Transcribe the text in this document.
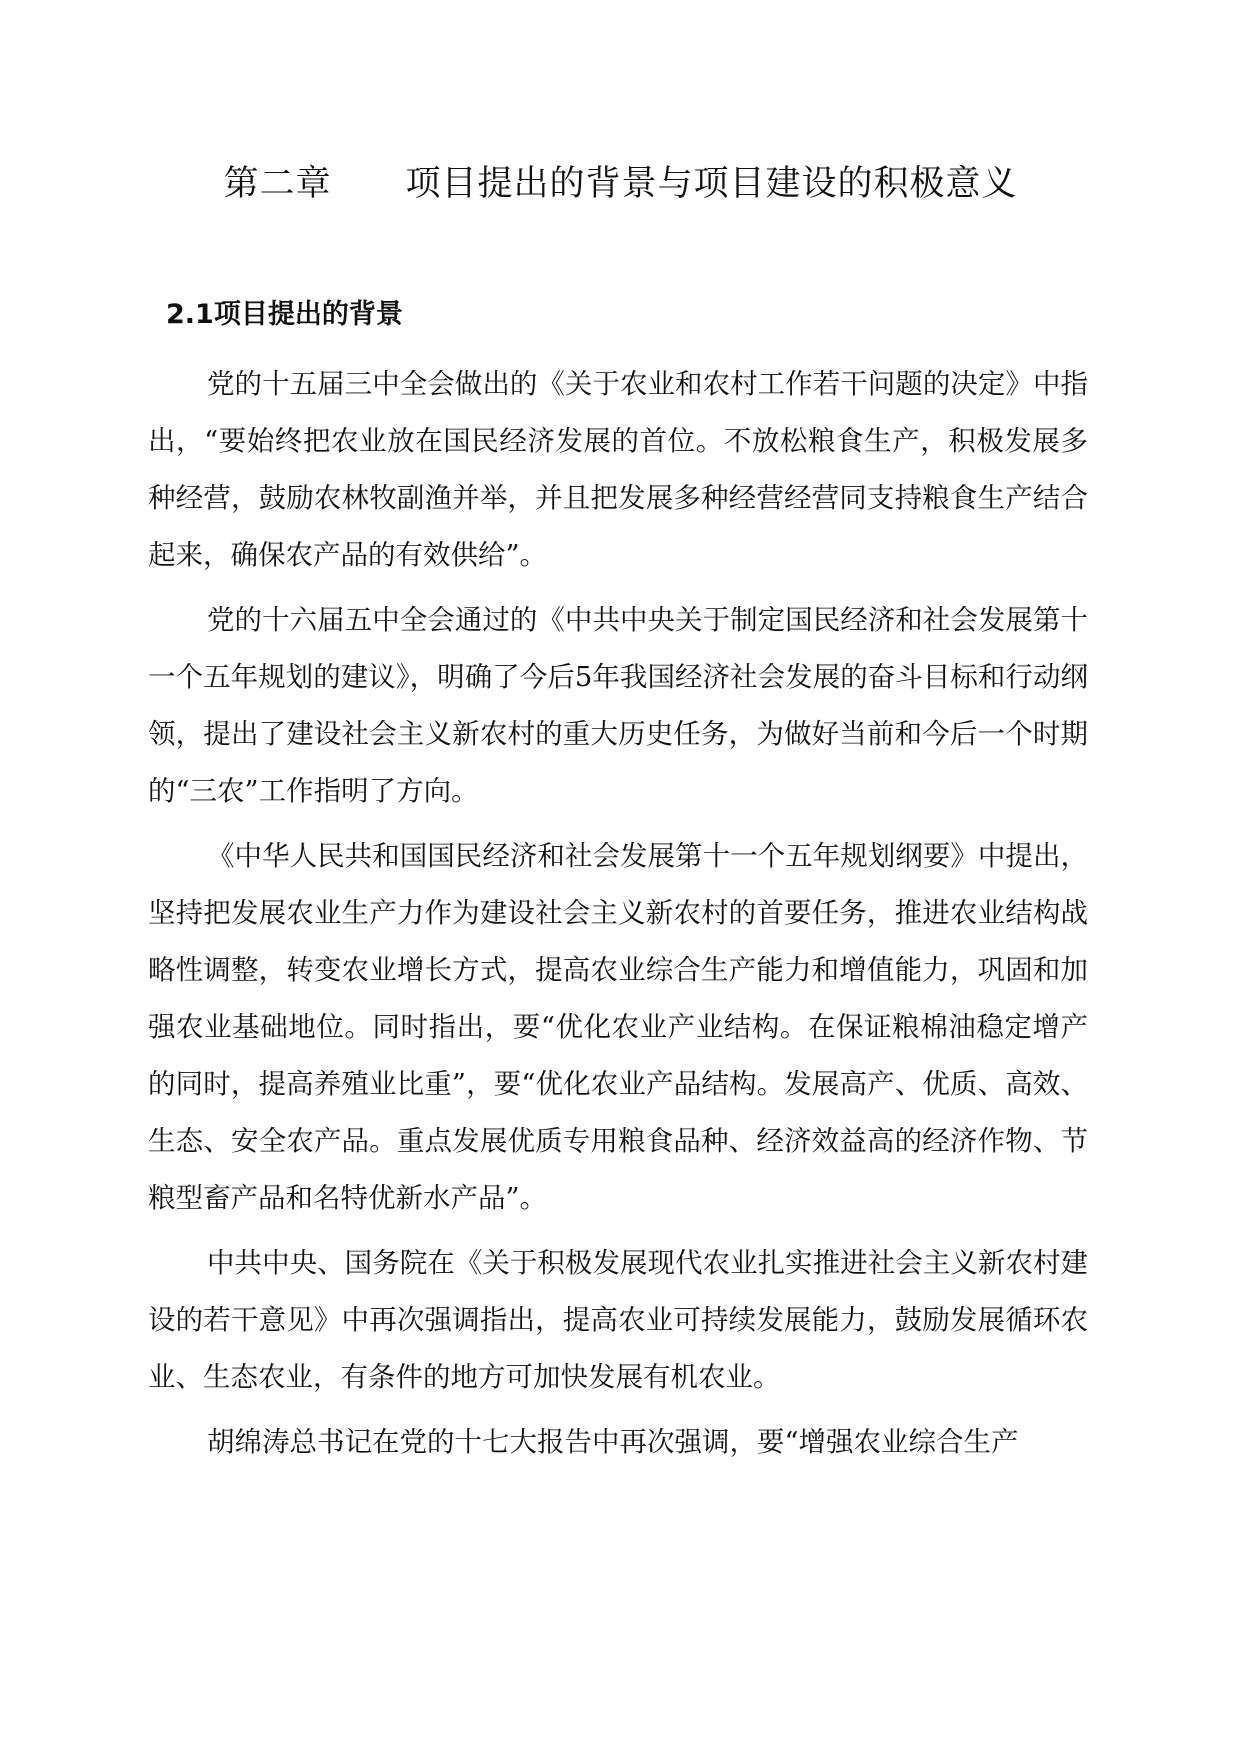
第二章 项目提出的背景与项目建设的积极意义
2.1项目提出的背景

党的十五届三中全会做出的《关于农业和农村工作若干问题的决定》中指出，“要始终把农业放在国民经济发展的首位。不放松粮食生产，积极发展多种经营，鼓励农林牧副渔并举，并且把发展多种经营经营同支持粮食生产结合起来，确保农产品的有效供给”。

党的十六届五中全会通过的《中共中央关于制定国民经济和社会发展第十一个五年规划的建议》，明确了今后5年我国经济社会发展的奋斗目标和行动纲领，提出了建设社会主义新农村的重大历史任务，为做好当前和今后一个时期的“三农”工作指明了方向。

《中华人民共和国国民经济和社会发展第十一个五年规划纲要》中提出，坚持把发展农业生产力作为建设社会主义新农村的首要任务，推进农业结构战略性调整，转变农业增长方式，提高农业综合生产能力和增值能力，巩固和加强农业基础地位。同时指出，要“优化农业产业结构。在保证粮棉油稳定增产的同时，提高养殖业比重”，要“优化农业产品结构。发展高产、优质、高效、生态、安全农产品。重点发展优质专用粮食品种、经济效益高的经济作物、节粮型畜产品和名特优新水产品”。

中共中央、国务院在《关于积极发展现代农业扎实推进社会主义新农村建设的若干意见》中再次强调指出，提高农业可持续发展能力，鼓励发展循环农业、生态农业，有条件的地方可加快发展有机农业。

胡绵涛总书记在党的十七大报告中再次强调，要“增强农业综合生产
